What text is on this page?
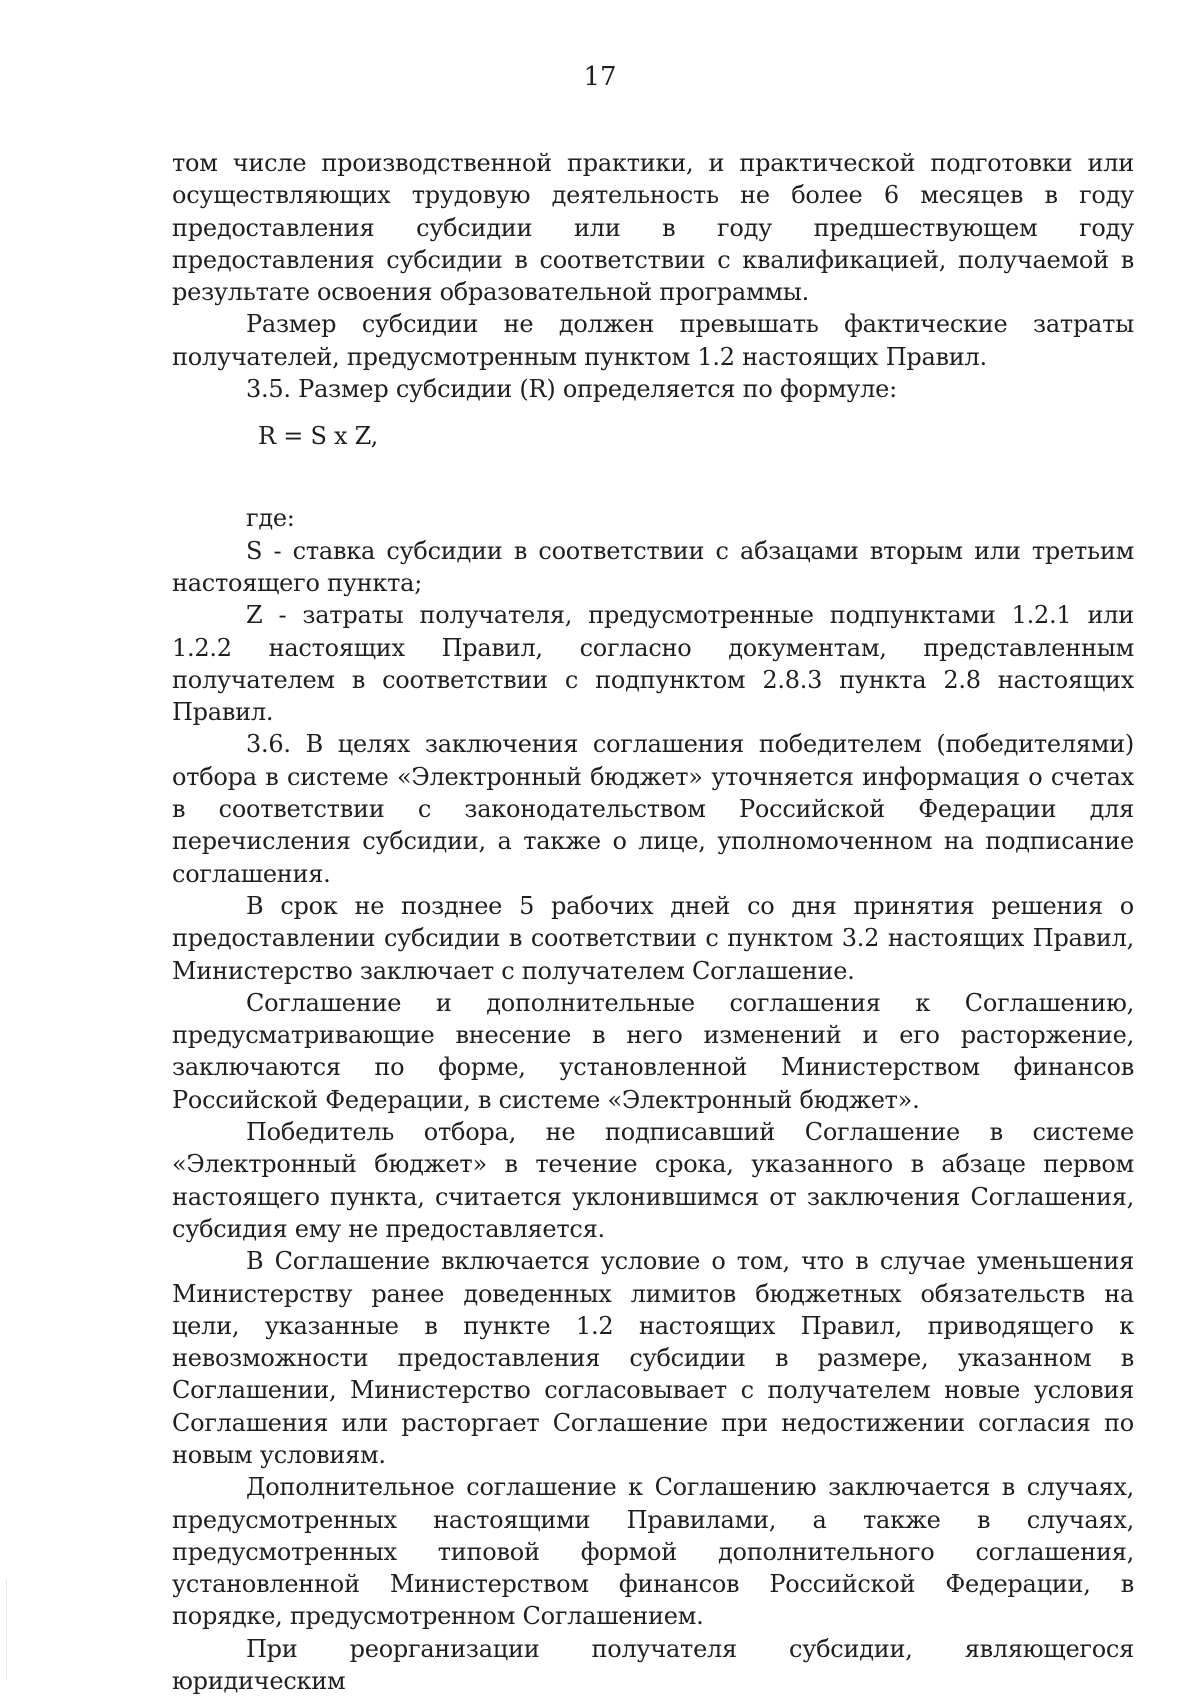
17

том числе производственной практики, и практической подготовки или осуществляющих трудовую деятельность не более 6 месяцев в году предоставления субсидии или в году предшествующем году предоставления субсидии в соответствии с квалификацией, получаемой в результате освоения образовательной программы.

Размер субсидии не должен превышать фактические затраты получателей, предусмотренным пунктом 1.2 настоящих Правил.

3.5. Размер субсидии (R) определяется по формуле:

R = S x Z,

где:

S - ставка субсидии в соответствии с абзацами вторым или третьим настоящего пункта;

Z - затраты получателя, предусмотренные подпунктами 1.2.1 или 1.2.2 настоящих Правил, согласно документам, представленным получателем в соответствии с подпунктом 2.8.3 пункта 2.8 настоящих Правил.

3.6. В целях заключения соглашения победителем (победителями) отбора в системе «Электронный бюджет» уточняется информация о счетах в соответствии с законодательством Российской Федерации для перечисления субсидии, а также о лице, уполномоченном на подписание соглашения.

В срок не позднее 5 рабочих дней со дня принятия решения о предоставлении субсидии в соответствии с пунктом 3.2 настоящих Правил, Министерство заключает с получателем Соглашение.

Соглашение и дополнительные соглашения к Соглашению, предусматривающие внесение в него изменений и его расторжение, заключаются по форме, установленной Министерством финансов Российской Федерации, в системе «Электронный бюджет».

Победитель отбора, не подписавший Соглашение в системе «Электронный бюджет» в течение срока, указанного в абзаце первом настоящего пункта, считается уклонившимся от заключения Соглашения, субсидия ему не предоставляется.

В Соглашение включается условие о том, что в случае уменьшения Министерству ранее доведенных лимитов бюджетных обязательств на цели, указанные в пункте 1.2 настоящих Правил, приводящего к невозможности предоставления субсидии в размере, указанном в Соглашении, Министерство согласовывает с получателем новые условия Соглашения или расторгает Соглашение при недостижении согласия по новым условиям.

Дополнительное соглашение к Соглашению заключается в случаях, предусмотренных настоящими Правилами, а также в случаях, предусмотренных типовой формой дополнительного соглашения, установленной Министерством финансов Российской Федерации, в порядке, предусмотренном Соглашением.

При реорганизации получателя субсидии, являющегося юридическим
